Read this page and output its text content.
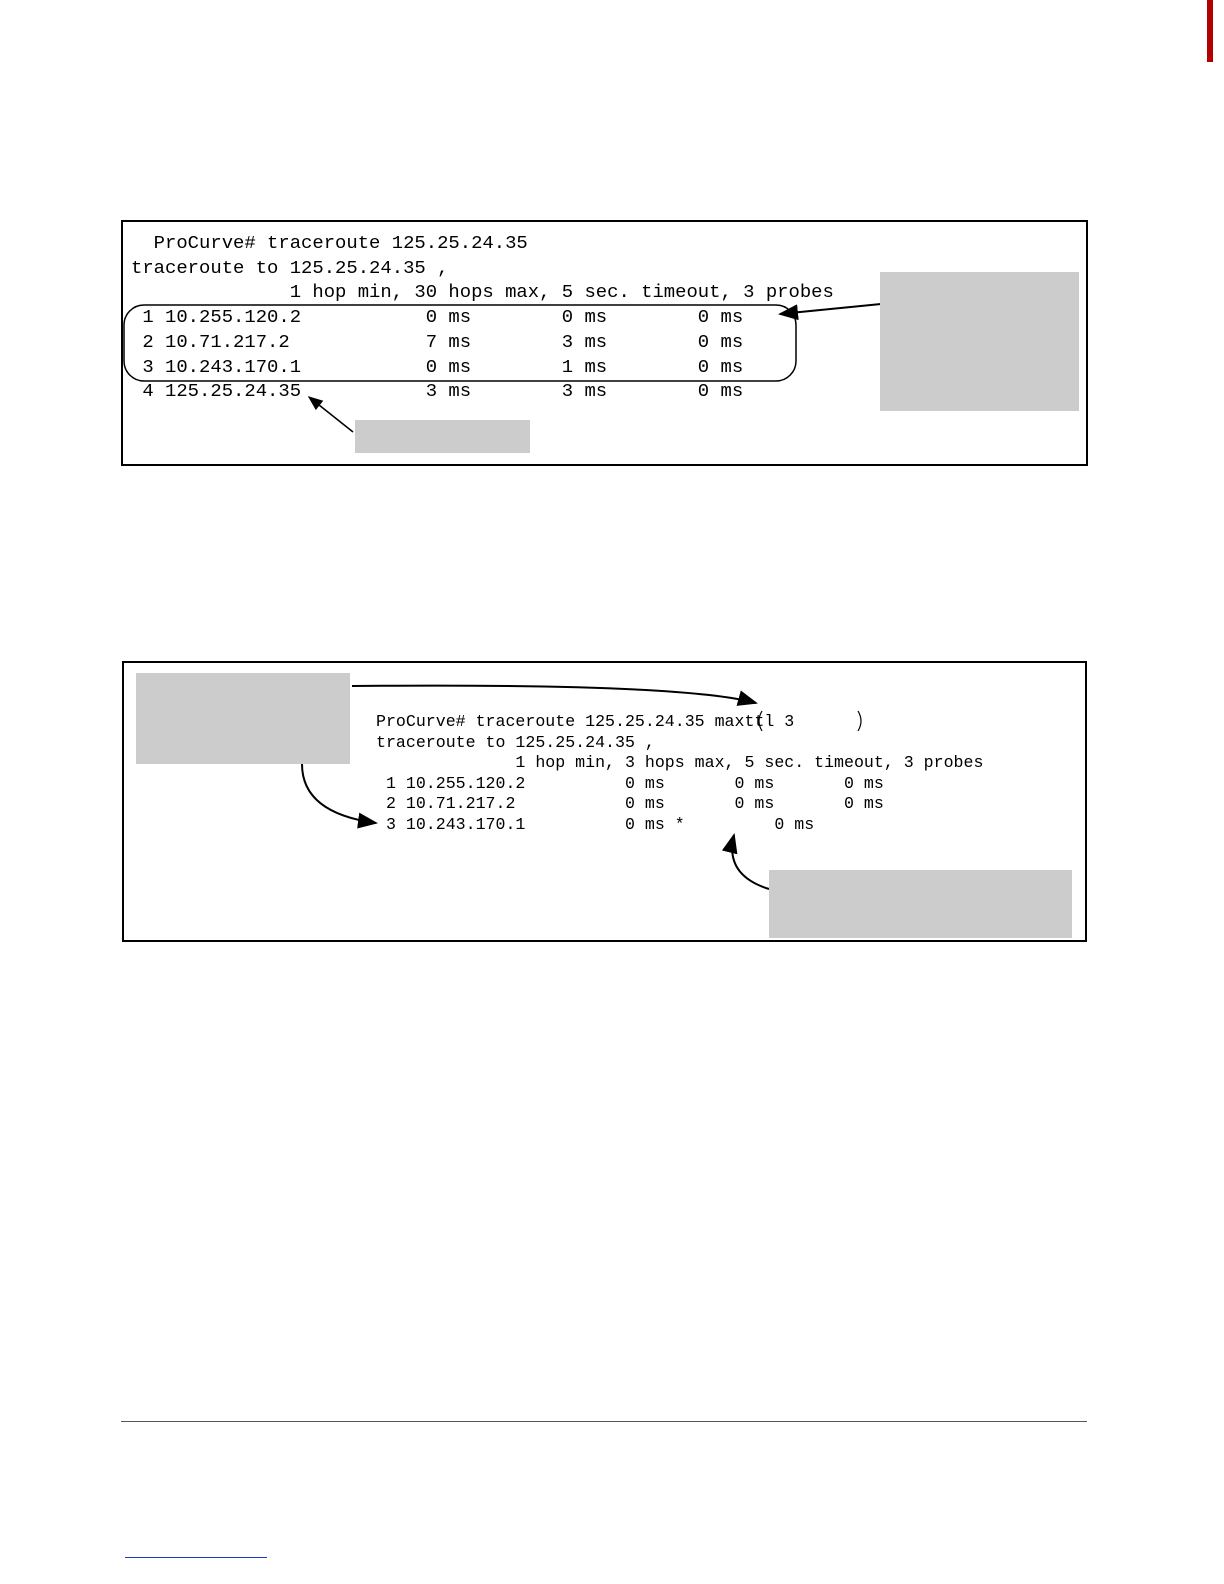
ProCurve# traceroute 125.25.24.35
traceroute to 125.25.24.35 ,
1 hop min, 30 hops max, 5 sec. timeout, 3 probes
1 10.255.120.2           0 ms        0 ms        0 ms
2 10.71.217.2            7 ms        3 ms        0 ms
3 10.243.170.1           0 ms        1 ms        0 ms
4 125.25.24.35           3 ms        3 ms        0 ms
ProCurve# traceroute 125.25.24.35 maxttl 3
traceroute to 125.25.24.35 ,
1 hop min, 3 hops max, 5 sec. timeout, 3 probes
1 10.255.120.2          0 ms       0 ms       0 ms
2 10.71.217.2           0 ms       0 ms       0 ms
3 10.243.170.1          0 ms *         0 ms
